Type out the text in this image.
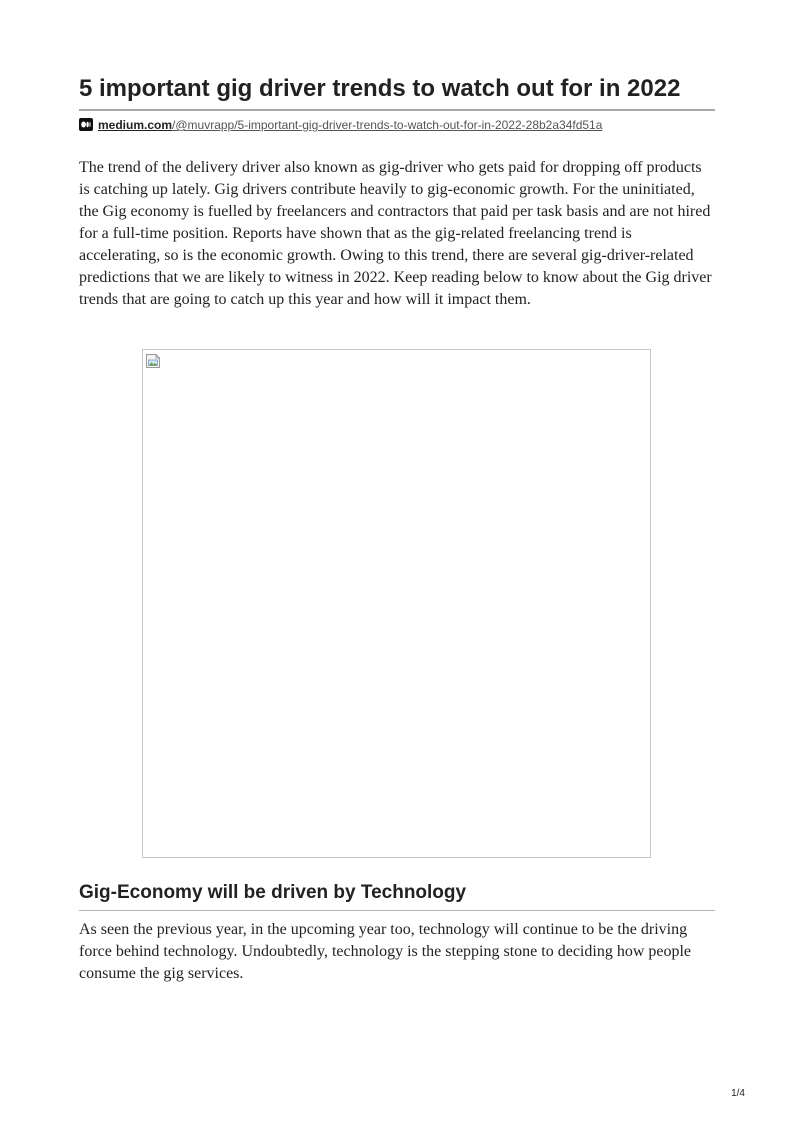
5 important gig driver trends to watch out for in 2022
medium.com/@muvrapp/5-important-gig-driver-trends-to-watch-out-for-in-2022-28b2a34fd51a

The trend of the delivery driver also known as gig-driver who gets paid for dropping off products is catching up lately. Gig drivers contribute heavily to gig-economic growth. For the uninitiated, the Gig economy is fuelled by freelancers and contractors that paid per task basis and are not hired for a full-time position. Reports have shown that as the gig-related freelancing trend is accelerating, so is the economic growth. Owing to this trend, there are several gig-driver-related predictions that we are likely to witness in 2022. Keep reading below to know about the Gig driver trends that are going to catch up this year and how will it impact them.

Gig-Economy will be driven by Technology

As seen the previous year, in the upcoming year too, technology will continue to be the driving force behind technology. Undoubtedly, technology is the stepping stone to deciding how people consume the gig services.

1/4
